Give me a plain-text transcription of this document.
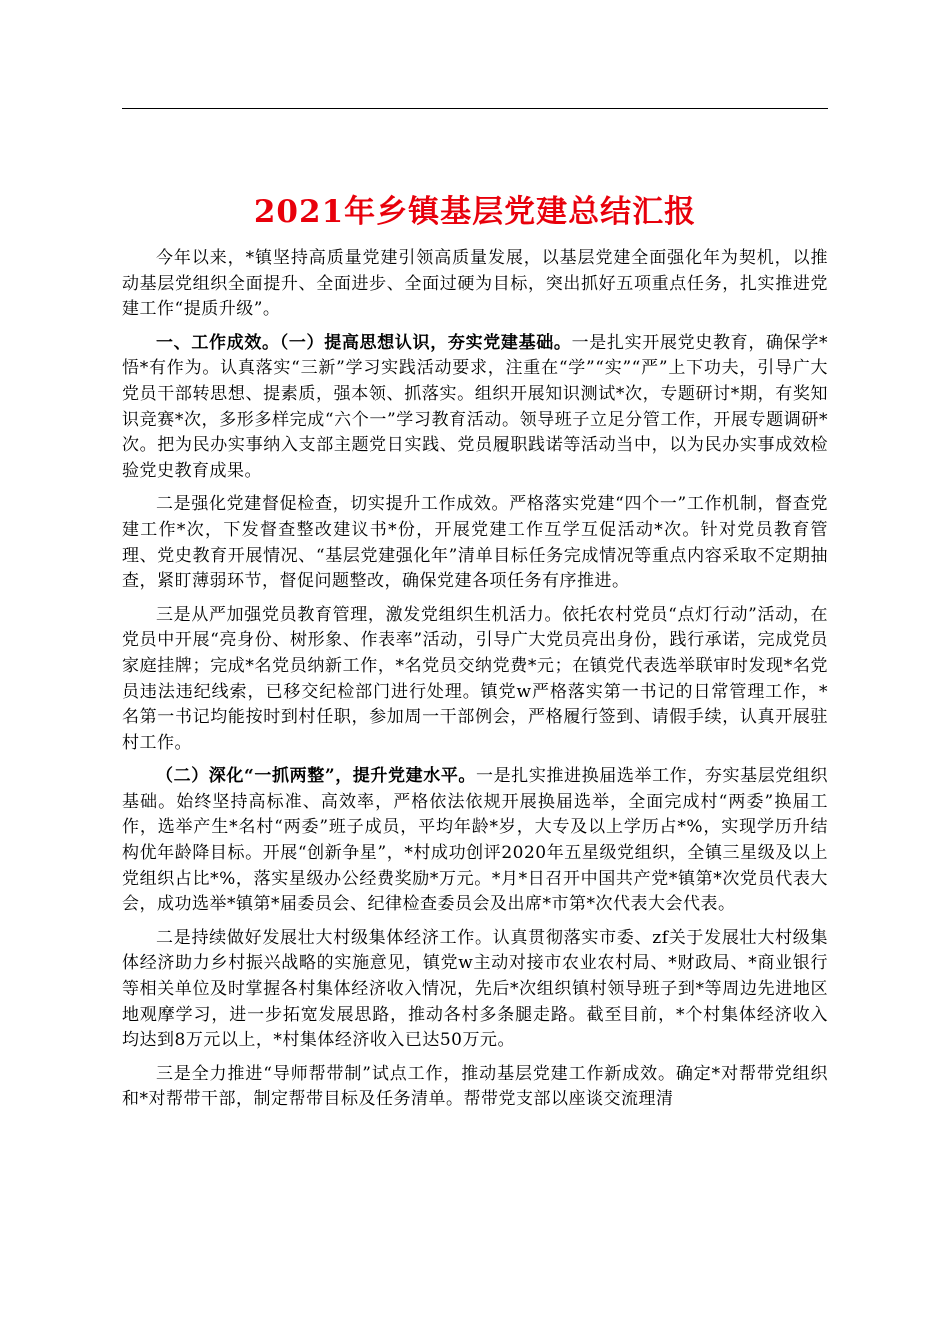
2021年乡镇基层党建总结汇报

今年以来，*镇坚持高质量党建引领高质量发展，以基层党建全面强化年为契机，以推动基层党组织全面提升、全面进步、全面过硬为目标，突出抓好五项重点任务，扎实推进党建工作“提质升级”。

一、工作成效。（一）提高思想认识，夯实党建基础。一是扎实开展党史教育，确保学*悟*有作为。认真落实“三新”学习实践活动要求，注重在“学”“实”“严”上下功夫，引导广大党员干部转思想、提素质，强本领、抓落实。组织开展知识测试*次，专题研讨*期，有奖知识竞赛*次，多形多样完成“六个一”学习教育活动。领导班子立足分管工作，开展专题调研*次。把为民办实事纳入支部主题党日实践、党员履职践诺等活动当中，以为民办实事成效检验党史教育成果。

二是强化党建督促检查，切实提升工作成效。严格落实党建“四个一”工作机制，督查党建工作*次，下发督查整改建议书*份，开展党建工作互学互促活动*次。针对党员教育管理、党史教育开展情况、“基层党建强化年”清单目标任务完成情况等重点内容采取不定期抽查，紧盯薄弱环节，督促问题整改，确保党建各项任务有序推进。

三是从严加强党员教育管理，激发党组织生机活力。依托农村党员“点灯行动”活动，在党员中开展“亮身份、树形象、作表率”活动，引导广大党员亮出身份，践行承诺，完成党员家庭挂牌；完成*名党员纳新工作，*名党员交纳党费*元；在镇党代表选举联审时发现*名党员违法违纪线索，已移交纪检部门进行处理。镇党w严格落实第一书记的日常管理工作，*名第一书记均能按时到村任职，参加周一干部例会，严格履行签到、请假手续，认真开展驻村工作。

（二）深化“一抓两整”，提升党建水平。一是扎实推进换届选举工作，夯实基层党组织基础。始终坚持高标准、高效率，严格依法依规开展换届选举，全面完成村“两委”换届工作，选举产生*名村“两委”班子成员，平均年龄*岁，大专及以上学历占*%，实现学历升结构优年龄降目标。开展“创新争星”，*村成功创评2020年五星级党组织，全镇三星级及以上党组织占比*%，落实星级办公经费奖励*万元。*月*日召开中国共产党*镇第*次党员代表大会，成功选举*镇第*届委员会、纪律检查委员会及出席*市第*次代表大会代表。

二是持续做好发展壮大村级集体经济工作。认真贯彻落实市委、zf关于发展壮大村级集体经济助力乡村振兴战略的实施意见，镇党w主动对接市农业农村局、*财政局、*商业银行等相关单位及时掌握各村集体经济收入情况，先后*次组织镇村领导班子到*等周边先进地区地观摩学习，进一步拓宽发展思路，推动各村多条腿走路。截至目前，*个村集体经济收入均达到8万元以上，*村集体经济收入已达50万元。

三是全力推进“导师帮带制”试点工作，推动基层党建工作新成效。确定*对帮带党组织和*对帮带干部，制定帮带目标及任务清单。帮带党支部以座谈交流理清
